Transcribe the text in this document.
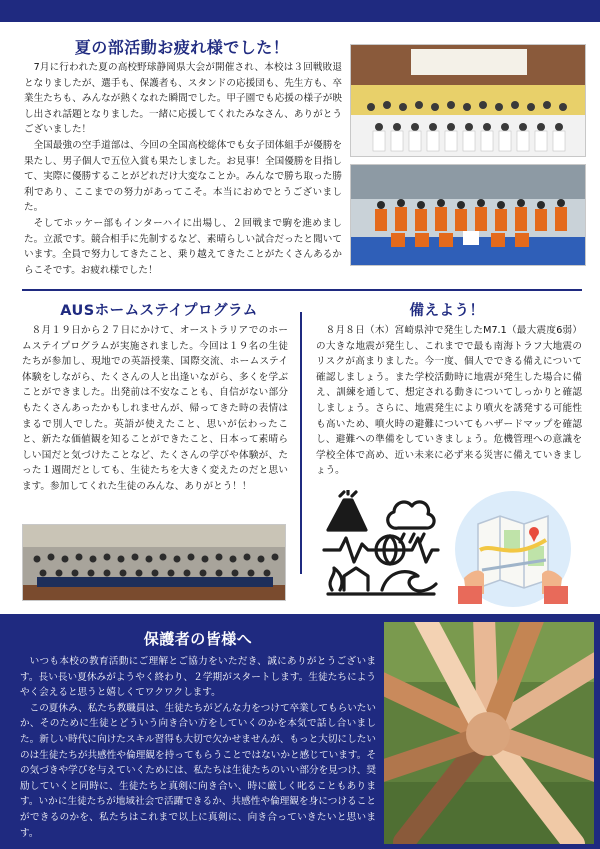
夏の部活動お疲れ様でした！

7月に行われた夏の高校野球静岡県大会が開催され、本校は３回戦敗退となりましたが、選手も、保護者も、スタンドの応援団も、先生方も、卒業生たちも、みんなが熱くなれた瞬間でした。甲子園でも応援の様子が映し出され話題となりました。一緒に応援してくれたみなさん、ありがとうございました！

全国最強の空手道部は、今回の全国高校総体でも女子団体組手が優勝を果たし、男子個人で五位入賞も果たしました。お見事！全国優勝を目指して、実際に優勝することがどれだけ大変なことか。みんなで勝ち取った勝利であり、ここまでの努力があってこそ。本当におめでとうございました。

そしてホッケー部もインターハイに出場し、２回戦まで駒を進めました。立派です。競合相手に先制するなど、素晴らしい試合だったと聞いています。全員で努力してきたこと、乗り越えてきたことがたくさんあるからこそです。お疲れ様でした！

AUSホームステイプログラム

８月１９日から２７日にかけて、オーストラリアでのホームステイプログラムが実施されました。今回は１９名の生徒たちが参加し、現地での英語授業、国際交流、ホームステイ体験をしながら、たくさんの人と出逢いながら、多くを学ぶことができました。出発前は不安なことも、自信がない部分もたくさんあったかもしれませんが、帰ってきた時の表情はまるで別人でした。英語が使えたこと、思いが伝わったこと、新たな価値観を知ることができたこと、日本って素晴らしい国だと気づけたことなど、たくさんの学びや体験が、たった１週間だとしても、生徒たちを大きく変えたのだと思います。参加してくれた生徒のみんな、ありがとう！！

備えよう！

８月８日（木）宮崎県沖で発生したM7.1（最大震度6弱）の大きな地震が発生し、これまでで最も南海トラフ大地震のリスクが高まりました。今一度、個人でできる備えについて確認しましょう。また学校活動時に地震が発生した場合に備え、訓練を通して、想定される動きについてしっかりと確認しましょう。さらに、地震発生により噴火を誘発する可能性も高いため、噴火時の避難についてもハザードマップを確認し、避難への準備をしていきましょう。危機管理への意識を学校全体で高め、近い未来に必ず来る災害に備えていきましょう。

保護者の皆様へ

いつも本校の教育活動にご理解とご協力をいただき、誠にありがとうございます。長い長い夏休みがようやく終わり、２学期がスタートします。生徒たちにようやく会えると思うと嬉しくてワクワクします。

この夏休み、私たち教職員は、生徒たちがどんな力をつけて卒業してもらいたいか、そのために生徒とどういう向き合い方をしていくのかを本気で話し合いました。新しい時代に向けたスキル習得も大切で欠かせませんが、もっと大切にしたいのは生徒たちが共感性や倫理観を持ってもらうことではないかと感じています。その気づきや学びを与えていくためには、私たちは生徒たちのいい部分を見つけ、奨励していくと同時に、生徒たちと真剣に向き合い、時に厳しく叱ることもあります。いかに生徒たちが地域社会で活躍できるか、共感性や倫理観を身につけることができるのかを、私たちはこれまで以上に真剣に、向き合っていきたいと思います。
